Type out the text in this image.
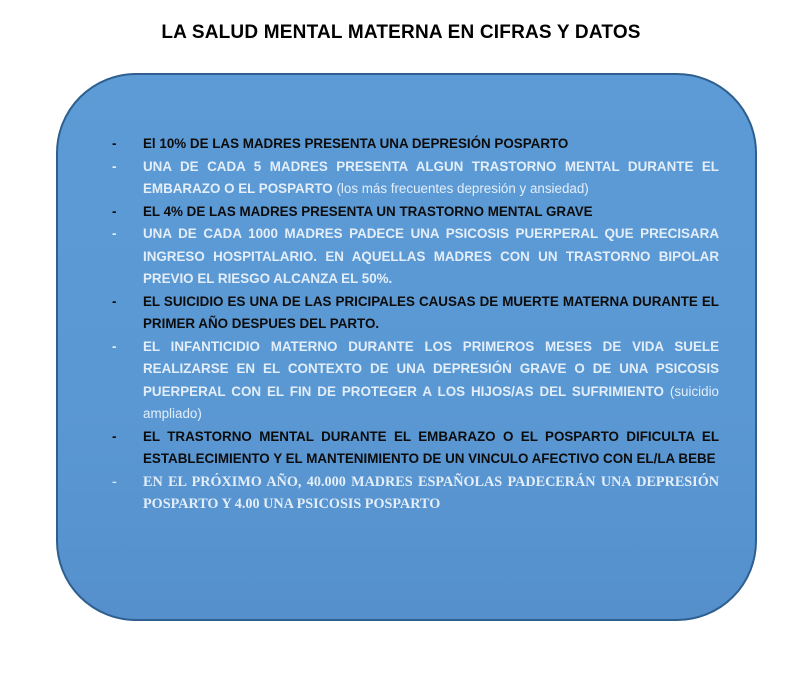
LA SALUD MENTAL MATERNA EN CIFRAS Y DATOS
- El 10% DE LAS MADRES PRESENTA UNA DEPRESIÓN POSPARTO
- UNA DE CADA 5 MADRES PRESENTA ALGUN TRASTORNO MENTAL DURANTE EL EMBARAZO O EL POSPARTO (los más frecuentes depresión y ansiedad)
- EL 4% DE LAS MADRES PRESENTA UN TRASTORNO MENTAL GRAVE
- UNA DE CADA 1000 MADRES PADECE UNA PSICOSIS PUERPERAL QUE PRECISARA INGRESO HOSPITALARIO. EN AQUELLAS MADRES CON UN TRASTORNO BIPOLAR PREVIO EL RIESGO ALCANZA EL 50%.
- EL SUICIDIO ES UNA DE LAS PRICIPALES CAUSAS DE MUERTE MATERNA DURANTE EL PRIMER AÑO DESPUES DEL PARTO.
- EL INFANTICIDIO MATERNO DURANTE LOS PRIMEROS MESES DE VIDA SUELE REALIZARSE EN EL CONTEXTO DE UNA DEPRESIÓN GRAVE O DE UNA PSICOSIS PUERPERAL CON EL FIN DE PROTEGER A LOS HIJOS/AS DEL SUFRIMIENTO (suicidio ampliado)
- EL TRASTORNO MENTAL DURANTE EL EMBARAZO O EL POSPARTO DIFICULTA EL ESTABLECIMIENTO Y EL MANTENIMIENTO DE UN VINCULO AFECTIVO CON EL/LA BEBE
- EN EL PRÓXIMO AÑO, 40.000 MADRES ESPAÑOLAS PADECERÁN UNA DEPRESIÓN POSPARTO Y 4.00 UNA PSICOSIS POSPARTO
